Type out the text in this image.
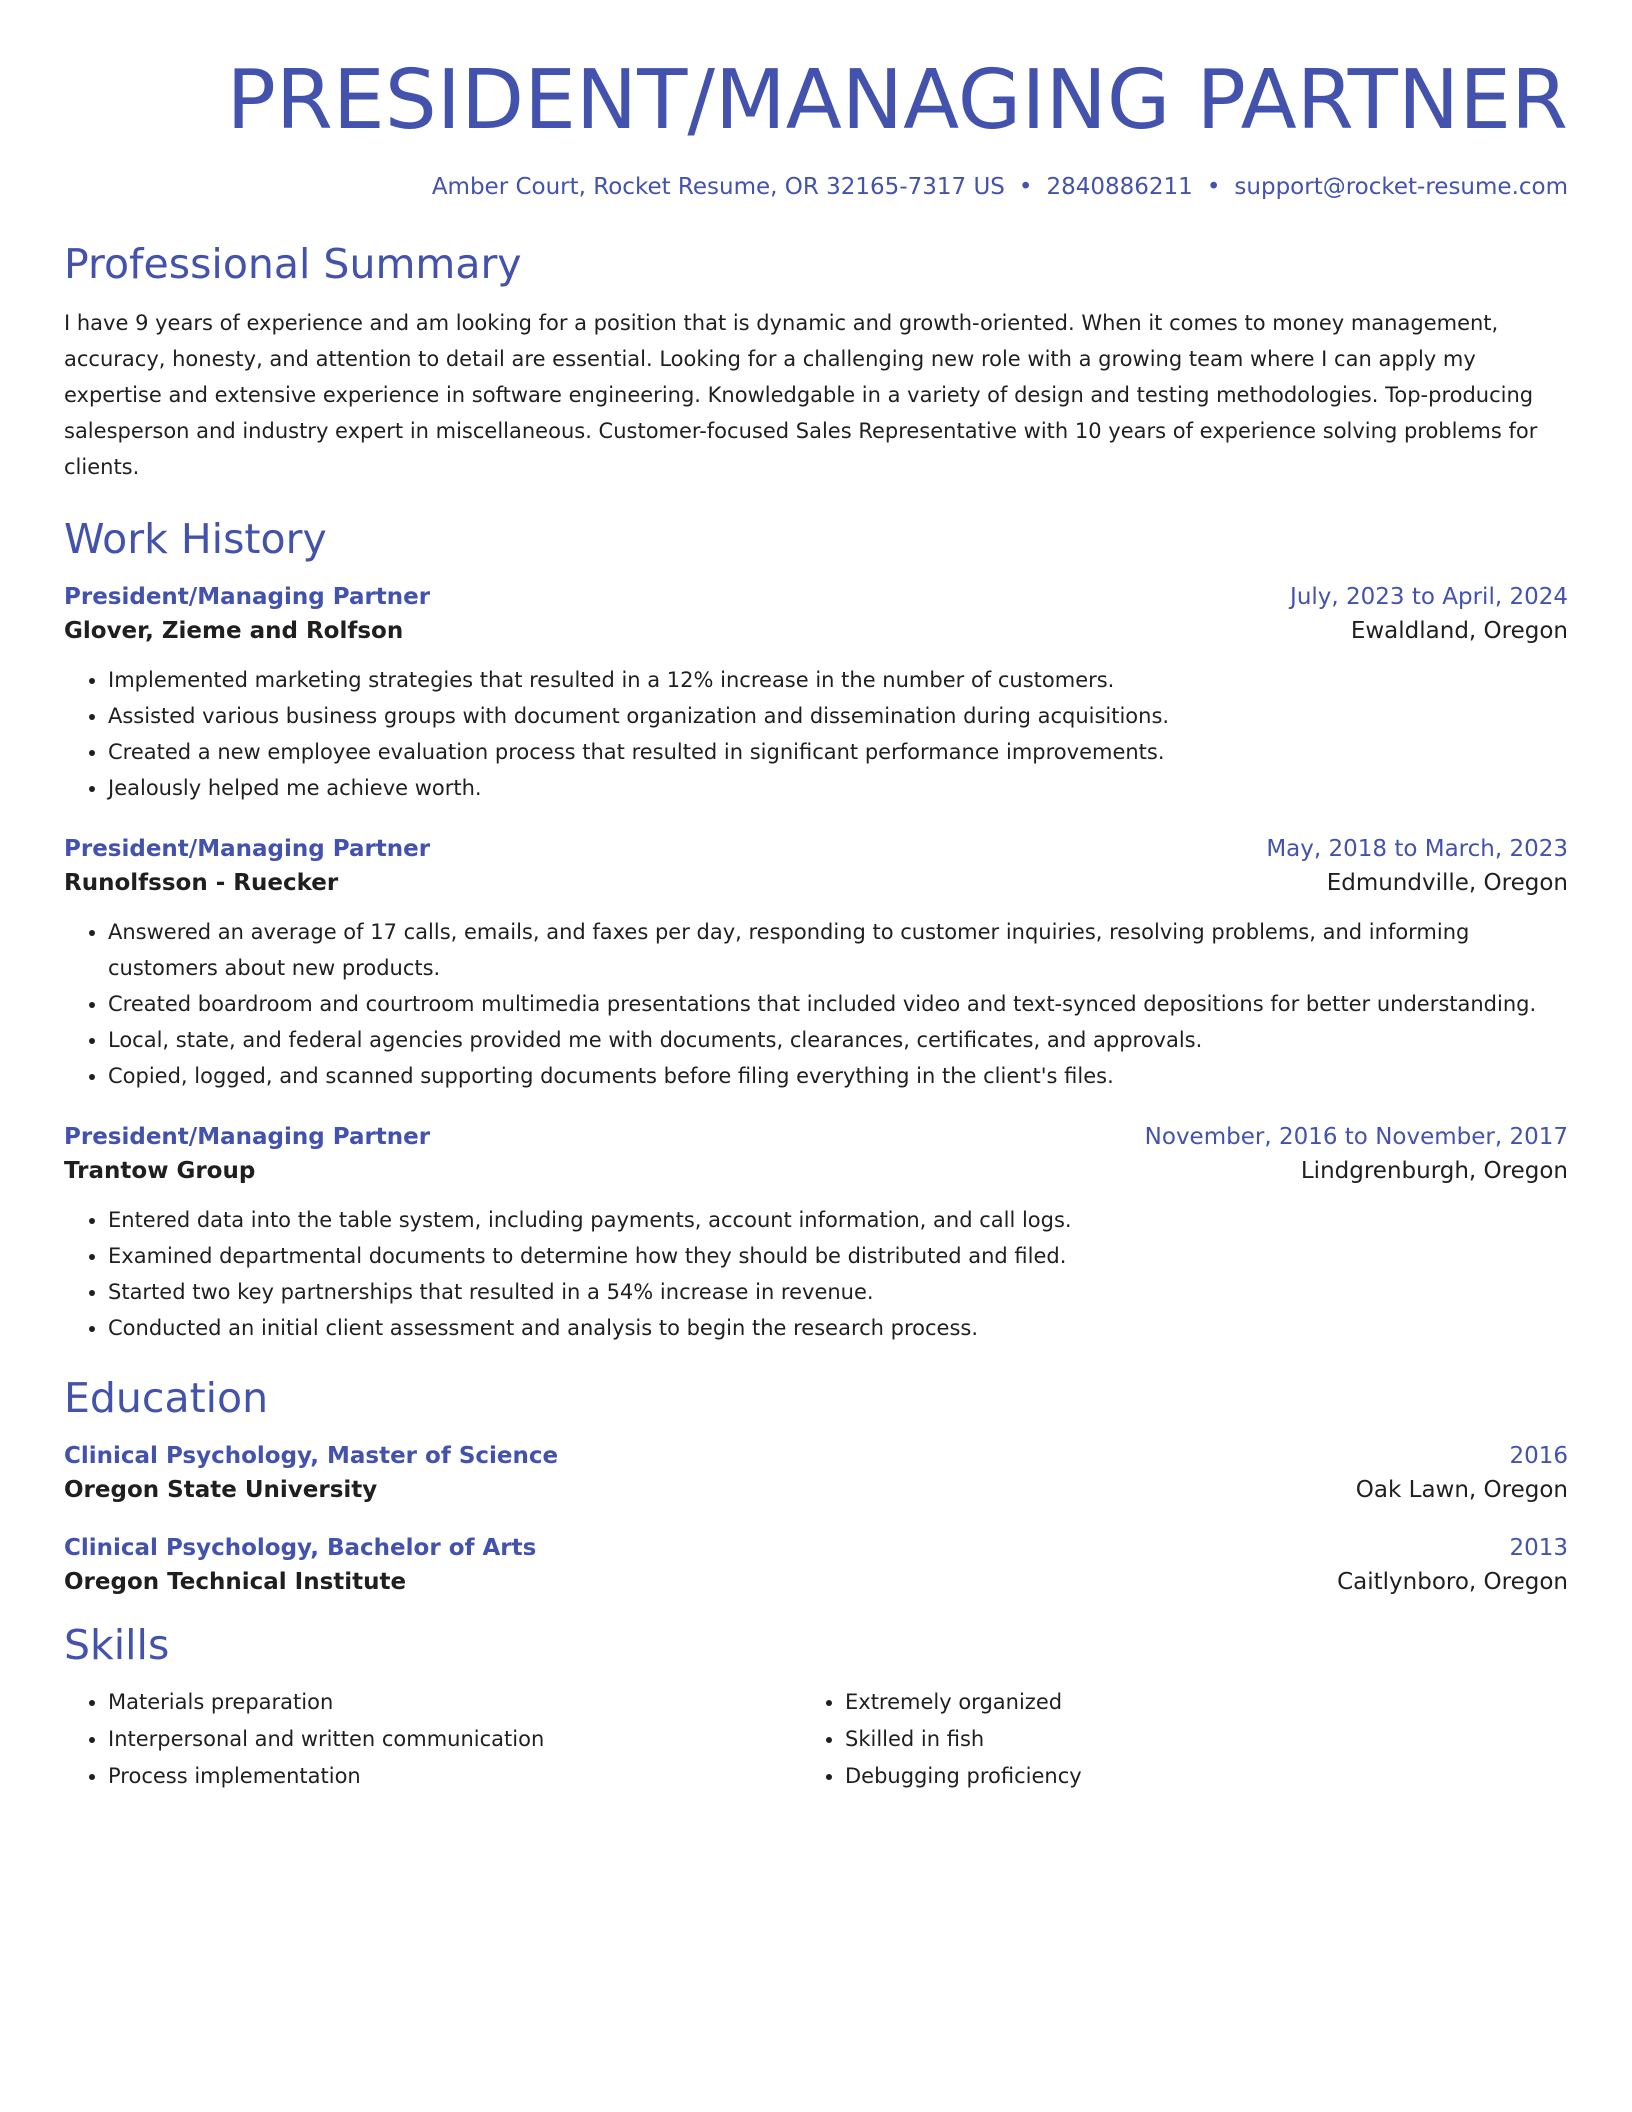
PRESIDENT/MANAGING PARTNER
Amber Court, Rocket Resume, OR 32165-7317 US • 2840886211 • support@rocket-resume.com
Professional Summary

I have 9 years of experience and am looking for a position that is dynamic and growth-oriented. When it comes to money management, accuracy, honesty, and attention to detail are essential. Looking for a challenging new role with a growing team where I can apply my expertise and extensive experience in software engineering. Knowledgable in a variety of design and testing methodologies. Top-producing salesperson and industry expert in miscellaneous. Customer-focused Sales Representative with 10 years of experience solving problems for clients.

Work History
President/Managing Partner	July, 2023 to April, 2024
Glover, Zieme and Rolfson	Ewaldland, Oregon
• Implemented marketing strategies that resulted in a 12% increase in the number of customers.
• Assisted various business groups with document organization and dissemination during acquisitions.
• Created a new employee evaluation process that resulted in significant performance improvements.
• Jealously helped me achieve worth.
President/Managing Partner	May, 2018 to March, 2023
Runolfsson - Ruecker	Edmundville, Oregon
• Answered an average of 17 calls, emails, and faxes per day, responding to customer inquiries, resolving problems, and informing customers about new products.
• Created boardroom and courtroom multimedia presentations that included video and text-synced depositions for better understanding.
• Local, state, and federal agencies provided me with documents, clearances, certificates, and approvals.
• Copied, logged, and scanned supporting documents before filing everything in the client's files.
President/Managing Partner	November, 2016 to November, 2017
Trantow Group	Lindgrenburgh, Oregon
• Entered data into the table system, including payments, account information, and call logs.
• Examined departmental documents to determine how they should be distributed and filed.
• Started two key partnerships that resulted in a 54% increase in revenue.
• Conducted an initial client assessment and analysis to begin the research process.
Education
Clinical Psychology, Master of Science	2016
Oregon State University	Oak Lawn, Oregon
Clinical Psychology, Bachelor of Arts	2013
Oregon Technical Institute	Caitlynboro, Oregon
Skills
• Materials preparation
• Interpersonal and written communication
• Process implementation
• Extremely organized
• Skilled in fish
• Debugging proficiency
